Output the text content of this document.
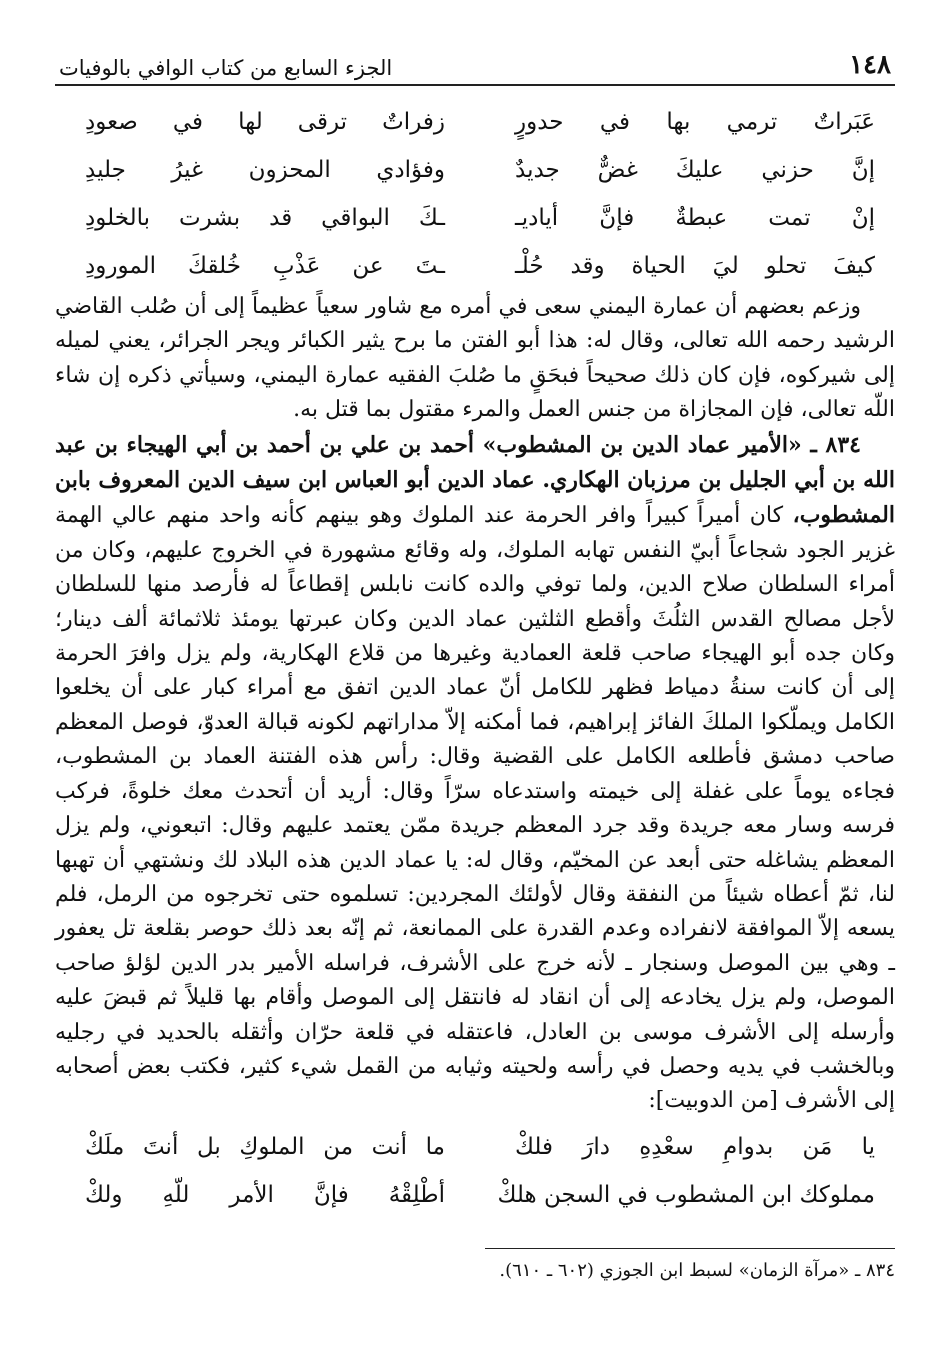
١٤٨
الجزء السابع من كتاب الوافي بالوفيات
عَبَراتٌ ترمي بها في حدورٍ
زفراتٌ ترقى لها في صعودِ
إنَّ حزني عليكَ غضٌّ جديدٌ
وفؤادي المحزون غيرُ جليدِ
إنْ تمت عبطةٌ فإنَّ أياديـ
ـكَ البواقي قد بشرت بالخلودِ
كيفَ تحلو ليَ الحياة وقد حُلْـ
ـتَ عن عَذْبِ خُلقكَ المورودِ

وزعم بعضهم أن عمارة اليمني سعى في أمره مع شاور سعياً عظيماً إلى أن صُلب القاضي الرشيد رحمه الله تعالى، وقال له: هذا أبو الفتن ما برح يثير الكبائر ويجر الجرائر، يعني لميله إلى شيركوه، فإن كان ذلك صحيحاً فبحَقٍ ما صُلبَ الفقيه عمارة اليمني، وسيأتي ذكره إن شاء اللّه تعالى، فإن المجازاة من جنس العمل والمرء مقتول بما قتل به.

٨٣٤ ـ «الأمير عماد الدين بن المشطوب» أحمد بن علي بن أحمد بن أبي الهيجاء بن عبد الله بن أبي الجليل بن مرزبان الهكاري. عماد الدين أبو العباس ابن سيف الدين المعروف بابن المشطوب، كان أميراً كبيراً وافر الحرمة عند الملوك وهو بينهم كأنه واحد منهم عالي الهمة غزير الجود شجاعاً أبيّ النفس تهابه الملوك، وله وقائع مشهورة في الخروج عليهم، وكان من أمراء السلطان صلاح الدين، ولما توفي والده كانت نابلس إقطاعاً له فأرصد منها للسلطان لأجل مصالح القدس الثلُثَ وأقطع الثلثين عماد الدين وكان عبرتها يومئذ ثلاثمائة ألف دينار؛ وكان جده أبو الهيجاء صاحب قلعة العمادية وغيرها من قلاع الهكارية، ولم يزل وافرَ الحرمة إلى أن كانت سنةُ دمياط فظهر للكامل أنّ عماد الدين اتفق مع أمراء كبار على أن يخلعوا الكامل ويملّكوا الملكَ الفائز إبراهيم، فما أمكنه إلاّ مداراتهم لكونه قبالة العدوّ، فوصل المعظم صاحب دمشق فأطلعه الكامل على القضية وقال: رأس هذه الفتنة العماد بن المشطوب، فجاءه يوماً على غفلة إلى خيمته واستدعاه سرّاً وقال: أريد أن أتحدث معك خلوةً، فركب فرسه وسار معه جريدة وقد جرد المعظم جريدة ممّن يعتمد عليهم وقال: اتبعوني، ولم يزل المعظم يشاغله حتى أبعد عن المخيّم، وقال له: يا عماد الدين هذه البلاد لك ونشتهي أن تهبها لنا، ثمّ أعطاه شيئاً من النفقة وقال لأولئك المجردين: تسلموه حتى تخرجوه من الرمل، فلم يسعه إلاّ الموافقة لانفراده وعدم القدرة على الممانعة، ثم إنّه بعد ذلك حوصر بقلعة تل يعفور ـ وهي بين الموصل وسنجار ـ لأنه خرج على الأشرف، فراسله الأمير بدر الدين لؤلؤ صاحب الموصل، ولم يزل يخادعه إلى أن انقاد له فانتقل إلى الموصل وأقام بها قليلاً ثم قبضَ عليه وأرسله إلى الأشرف موسى بن العادل، فاعتقله في قلعة حرّان وأثقله بالحديد في رجليه وبالخشب في يديه وحصل في رأسه ولحيته وثيابه من القمل شيء كثير، فكتب بعض أصحابه إلى الأشرف [من الدوبيت]:

يا مَن بدوامِ سعْدِهِ دارَ فلكْ
ما أنت من الملوكِ بل أنتَ ملَكْ
مملوكك ابن المشطوب في السجن هلكْ
أطْلِقْهُ فإنَّ الأمر للّهِ ولكْ
٨٣٤ ـ «مرآة الزمان» لسبط ابن الجوزي (٦٠٢ ـ ٦١٠).
